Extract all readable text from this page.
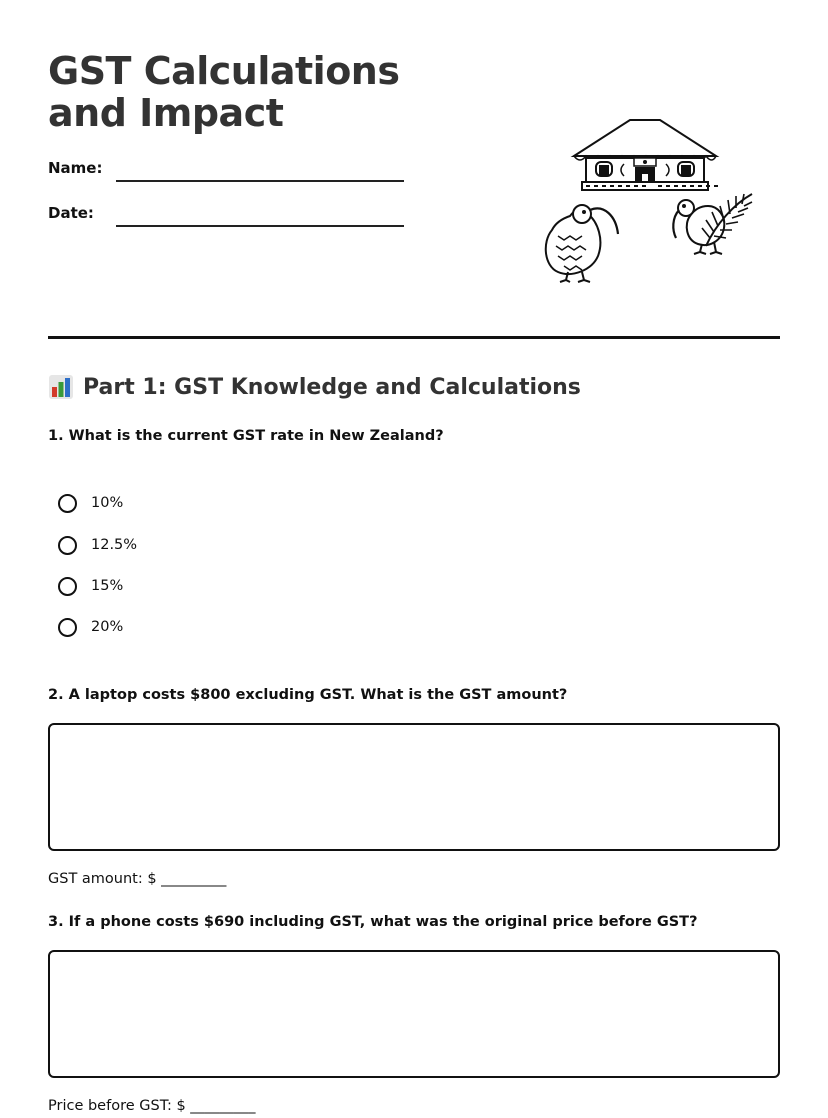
GST Calculations and Impact
Name:
Date:
Part 1: GST Knowledge and Calculations

1. What is the current GST rate in New Zealand?

10%
12.5%
15%
20%

2. A laptop costs $800 excluding GST. What is the GST amount?

GST amount: $ _________

3. If a phone costs $690 including GST, what was the original price before GST?

Price before GST: $ _________
